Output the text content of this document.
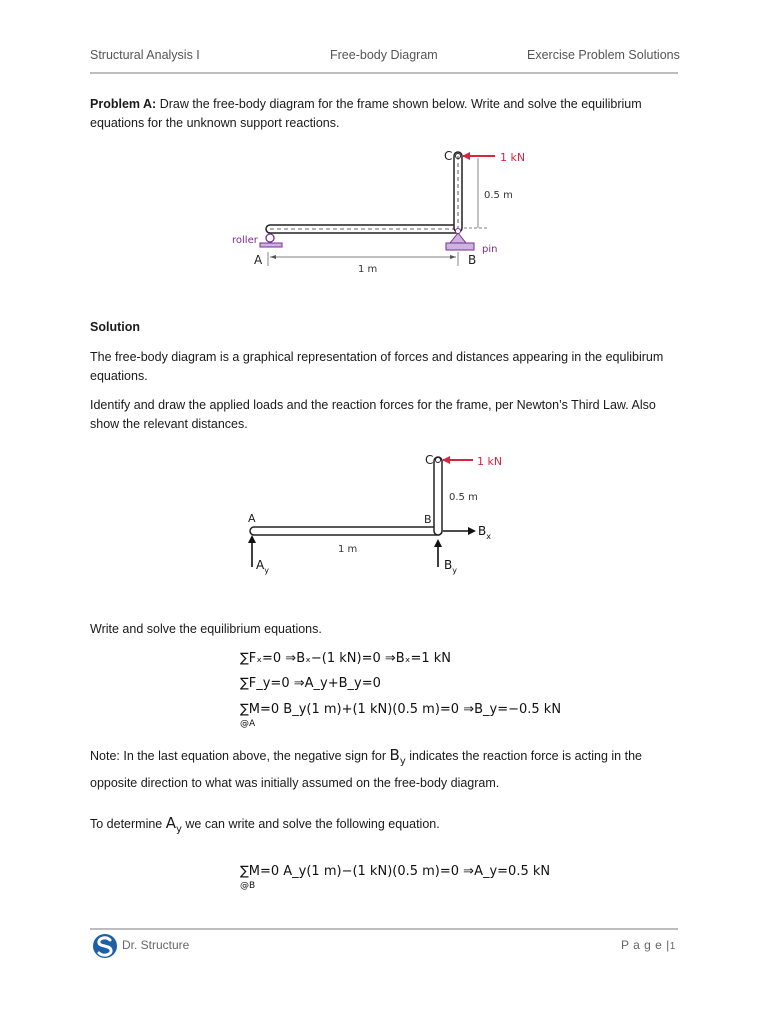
Structural Analysis I	Free-body Diagram	Exercise Problem Solutions

Problem A: Draw the free-body diagram for the frame shown below. Write and solve the equilibrium equations for the unknown support reactions.

C	1 kN
0.5 m
roller
pin
A	B
1 m

Solution

The free-body diagram is a graphical representation of forces and distances appearing in the equlibirum equations.

Identify and draw the applied loads and the reaction forces for the frame, per Newton’s Third Law. Also show the relevant distances.

C	1 kN
0.5 m
A	B
1 m
$B_x$
$A_y$	$B_y$

Write and solve the equilibrium equations.

∑Fₓ=0 ⇒Bₓ−(1 kN)=0 ⇒Bₓ=1 kN
∑F_y=0 ⇒A_y+B_y=0
∑M=0 B_y(1 m)+(1 kN)(0.5 m)=0 ⇒B_y=−0.5 kN
@A

Note: In the last equation above, the negative sign for $B_y$ indicates the reaction force is acting in the

opposite direction to what was initially assumed on the free-body diagram.

To determine $A_y$ we can write and solve the following equation.

∑M=0 A_y(1 m)−(1 kN)(0.5 m)=0 ⇒A_y=0.5 kN
@B
Dr. Structure	P a g e |1
